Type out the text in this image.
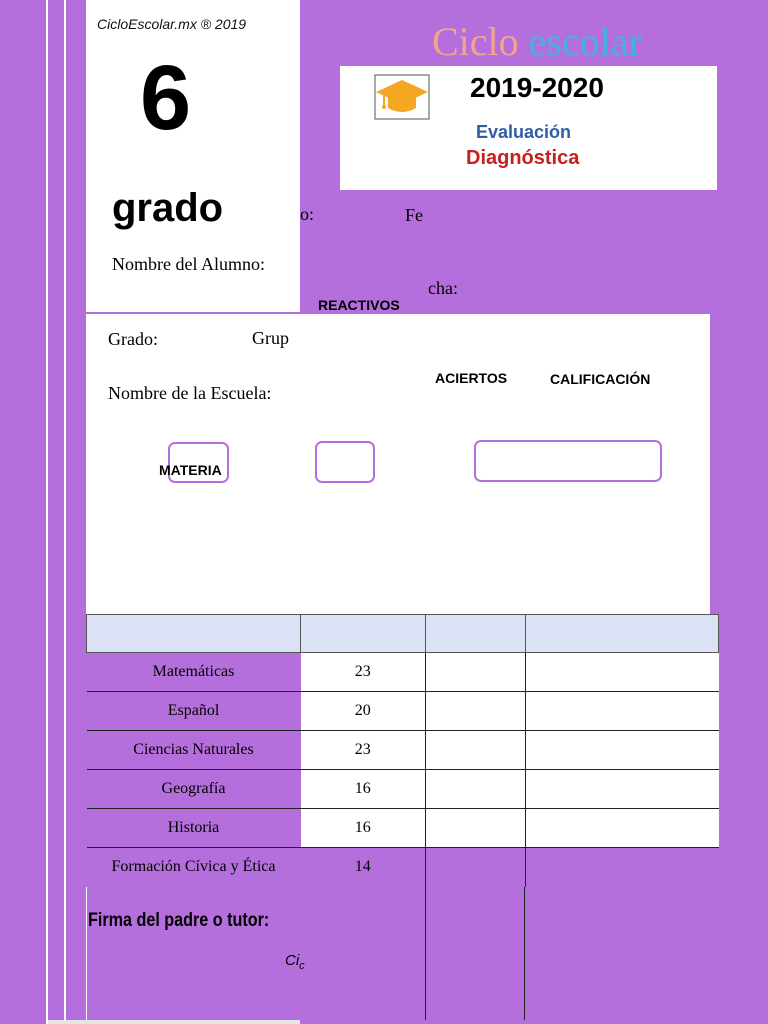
CicloEscolar.mx ® 2019
6
grado
Ciclo escolar
2019-2020
Evaluación
Diagnóstica
o:	Fe
Nombre del Alumno:
cha:
REACTIVOS
Grado:	Grup
Nombre de la Escuela:
ACIERTOS	CALIFICACIÓN
MATERIA

Matemáticas	23		
Español	20		
Ciencias Naturales	23		
Geografía	16		
Historia	16		
Formación Cívica y Ética	14		
Firma del padre o tutor:
$Ci_c$
